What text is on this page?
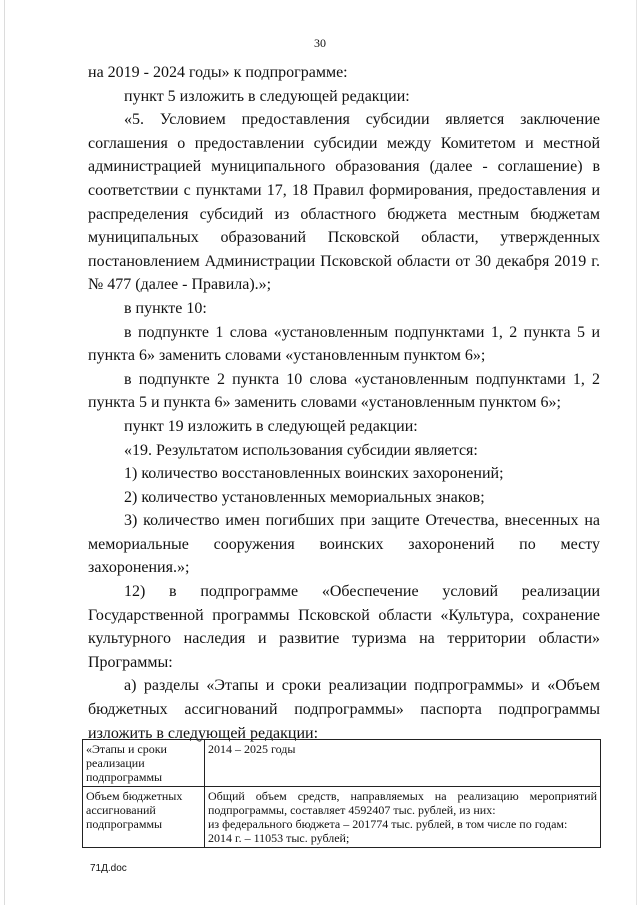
30

на 2019 - 2024 годы» к подпрограмме:

пункт 5 изложить в следующей редакции:

«5. Условием предоставления субсидии является заключение соглашения о предоставлении субсидии между Комитетом и местной администрацией муниципального образования (далее - соглашение) в соответствии с пунктами 17, 18 Правил формирования, предоставления и распределения субсидий из областного бюджета местным бюджетам муниципальных образований Псковской области, утвержденных постановлением Администрации Псковской области от 30 декабря 2019 г. № 477 (далее - Правила).»;

в пункте 10:

в подпункте 1 слова «установленным подпунктами 1, 2 пункта 5 и пункта 6» заменить словами «установленным пунктом 6»;

в подпункте 2 пункта 10 слова «установленным подпунктами 1, 2 пункта 5 и пункта 6» заменить словами «установленным пунктом 6»;

пункт 19 изложить в следующей редакции:

«19. Результатом использования субсидии является:

1) количество восстановленных воинских захоронений;

2) количество установленных мемориальных знаков;

3) количество имен погибших при защите Отечества, внесенных на мемориальные сооружения воинских захоронений по месту захоронения.»;

12) в подпрограмме «Обеспечение условий реализации Государственной программы Псковской области «Культура, сохранение культурного наследия и развитие туризма на территории области» Программы:

а) разделы «Этапы и сроки реализации подпрограммы» и «Объем бюджетных ассигнований подпрограммы» паспорта подпрограммы изложить в следующей редакции:

«Этапы и сроки реализации подпрограммы	2014 – 2025 годы

Объем бюджетных ассигнований подпрограммы	Общий объем средств, направляемых на реализацию мероприятий подпрограммы, составляет 4592407 тыс. рублей, из них:
из федерального бюджета – 201774 тыс. рублей, в том числе по годам:
2014 г. – 11053 тыс. рублей;
71Д.doc
